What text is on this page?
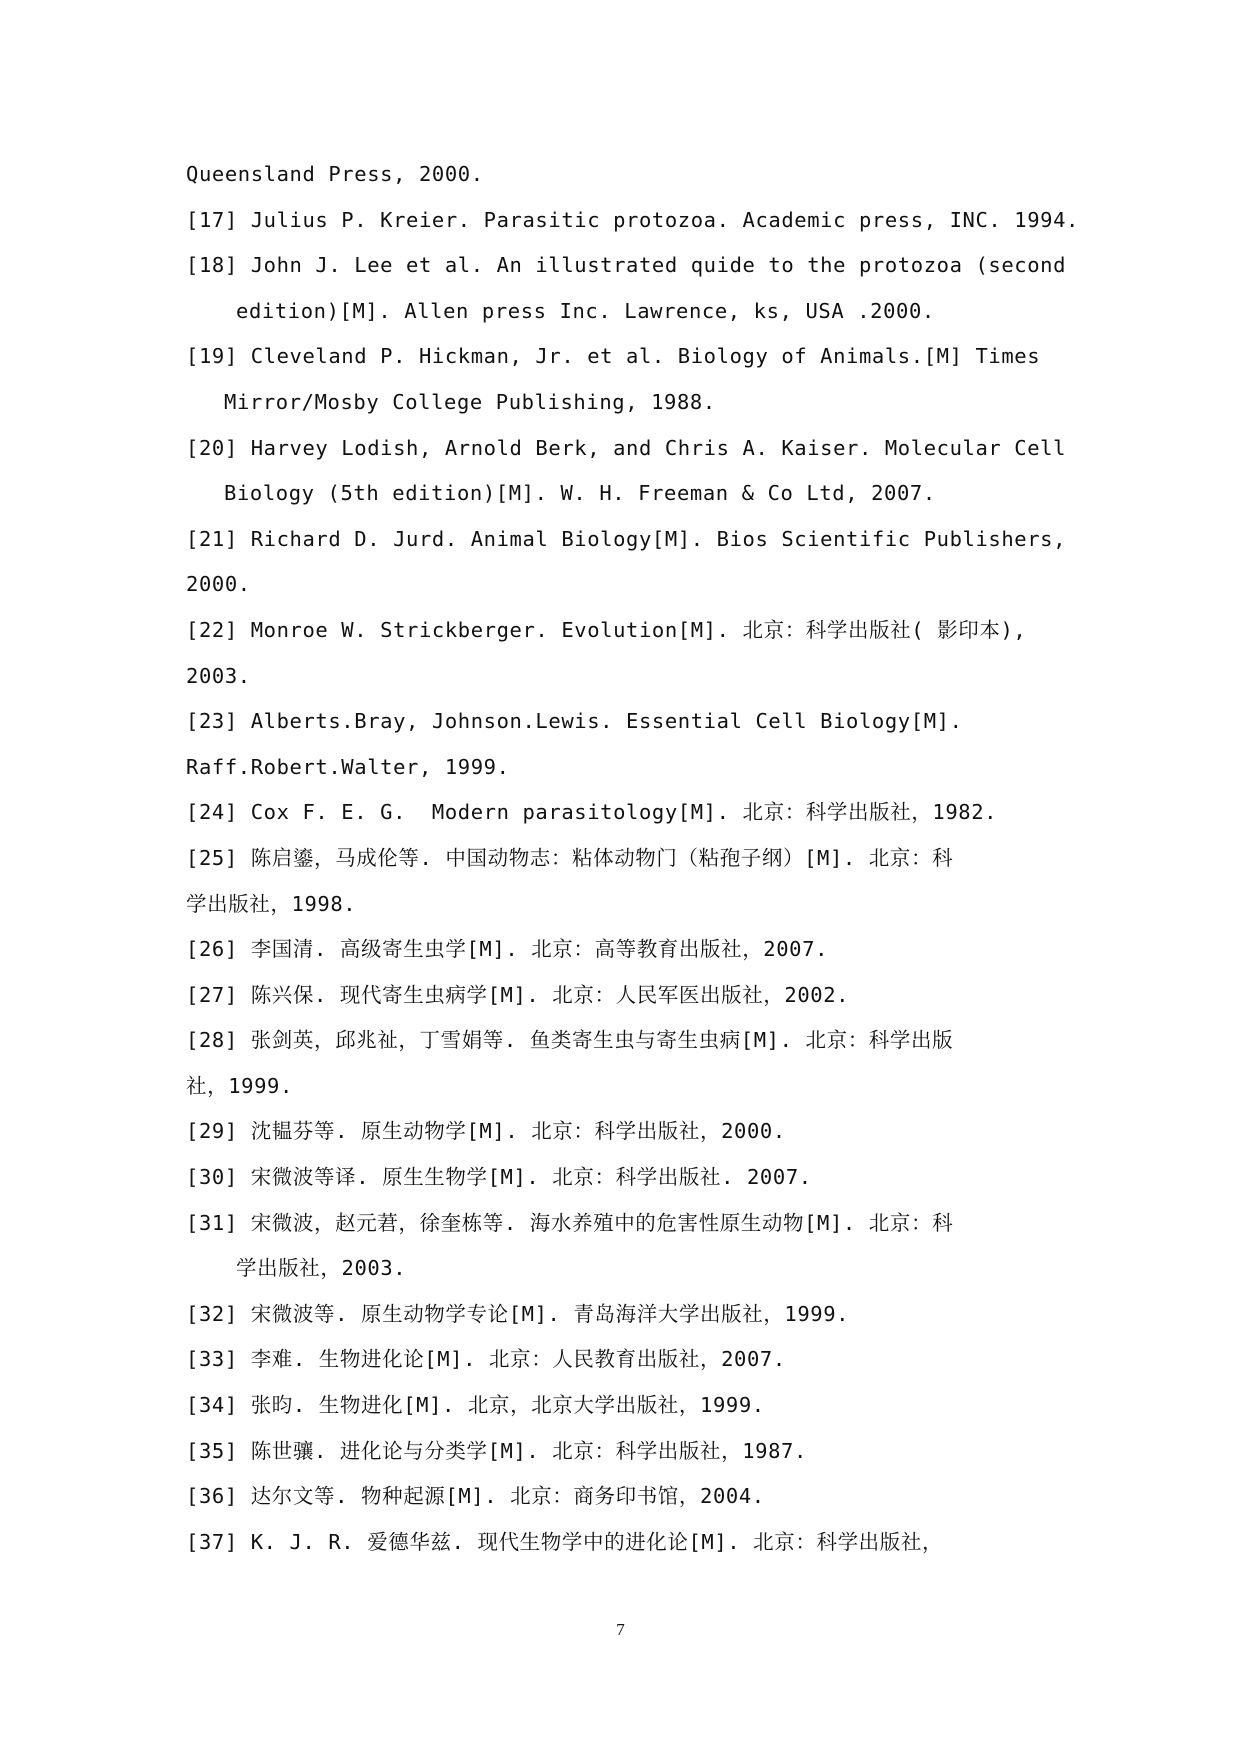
Queensland Press, 2000.
[17] Julius P. Kreier. Parasitic protozoa. Academic press, INC. 1994.
[18] John J. Lee et al. An illustrated quide to the protozoa (second
edition)[M]. Allen press Inc. Lawrence, ks, USA .2000.
[19] Cleveland P. Hickman, Jr. et al. Biology of Animals.[M] Times
Mirror/Mosby College Publishing, 1988.
[20] Harvey Lodish, Arnold Berk, and Chris A. Kaiser. Molecular Cell
Biology (5th edition)[M]. W. H. Freeman & Co Ltd, 2007.
[21] Richard D. Jurd. Animal Biology[M]. Bios Scientific Publishers,
2000.
[22] Monroe W. Strickberger. Evolution[M]. 北京：科学出版社( 影印本),
2003.
[23] Alberts.Bray, Johnson.Lewis. Essential Cell Biology[M].
Raff.Robert.Walter, 1999.
[24] Cox F. E. G.  Modern parasitology[M]. 北京：科学出版社，1982.
[25] 陈启鎏，马成伦等. 中国动物志：粘体动物门（粘孢子纲）[M]. 北京：科
学出版社，1998.
[26] 李国清. 高级寄生虫学[M]. 北京：高等教育出版社，2007.
[27] 陈兴保. 现代寄生虫病学[M]. 北京：人民军医出版社，2002.
[28] 张剑英，邱兆祉，丁雪娟等. 鱼类寄生虫与寄生虫病[M]. 北京：科学出版
社，1999.
[29] 沈韫芬等. 原生动物学[M]. 北京：科学出版社，2000.
[30] 宋微波等译. 原生生物学[M]. 北京：科学出版社. 2007.
[31] 宋微波，赵元莙，徐奎栋等. 海水养殖中的危害性原生动物[M]. 北京：科
学出版社，2003.
[32] 宋微波等. 原生动物学专论[M]. 青岛海洋大学出版社，1999.
[33] 李难. 生物进化论[M]. 北京：人民教育出版社，2007.
[34] 张昀. 生物进化[M]. 北京，北京大学出版社，1999.
[35] 陈世骧. 进化论与分类学[M]. 北京：科学出版社，1987.
[36] 达尔文等. 物种起源[M]. 北京：商务印书馆，2004.
[37] K. J. R. 爱德华兹. 现代生物学中的进化论[M]. 北京：科学出版社，
7
